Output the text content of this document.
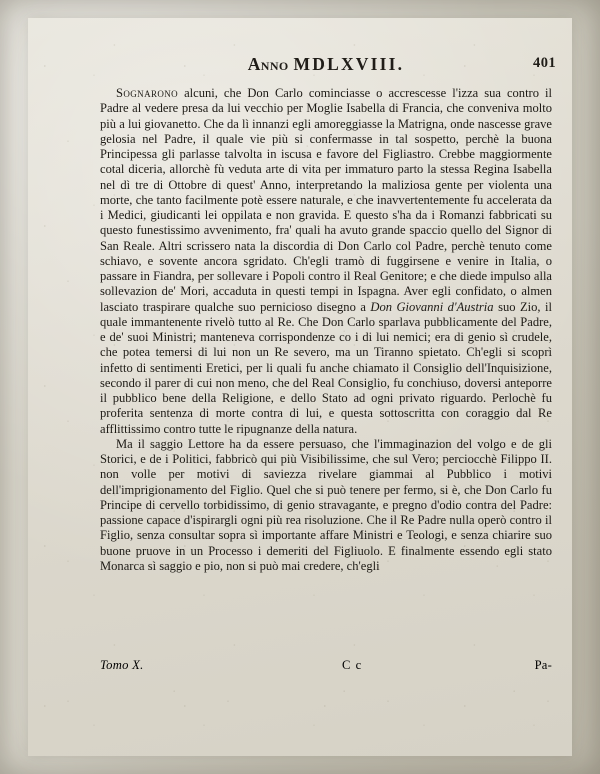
Anno MDLXVIII.	401

Sognarono alcuni, che Don Carlo cominciasse o accrescesse l'izza sua contro il Padre al vedere presa da lui vecchio per Moglie Isabella di Francia, che conveniva molto più a lui giovanetto. Che da lì innanzi egli amoreggiasse la Matrigna, onde nascesse grave gelosia nel Padre, il quale vie più si confermasse in tal sospetto, perchè la buona Principessa gli parlasse talvolta in iscusa e favore del Figliastro. Crebbe maggiormente cotal diceria, allorchè fù veduta arte di vita per immaturo parto la stessa Regina Isabella nel dì tre di Ottobre di quest' Anno, interpretando la maliziosa gente per violenta una morte, che tanto facilmente potè essere naturale, e che inavvertentemente fu accelerata da i Medici, giudicanti lei oppilata e non gravida. E questo s'ha da i Romanzi fabbricati su questo funestissimo avvenimento, fra' quali ha avuto grande spaccio quello del Signor di San Reale. Altri scrissero nata la discordia di Don Carlo col Padre, perchè tenuto come schiavo, e sovente ancora sgridato. Ch'egli tramò di fuggirsene e venire in Italia, o passare in Fiandra, per sollevare i Popoli contro il Real Genitore; e che diede impulso alla sollevazion de' Mori, accaduta in questi tempi in Ispagna. Aver egli confidato, o almen lasciato traspirare qualche suo pernicioso disegno a Don Giovanni d'Austria suo Zio, il quale immantenente rivelò tutto al Re. Che Don Carlo sparlava pubblicamente del Padre, e de' suoi Ministri; manteneva corrispondenze co i di lui nemici; era di genio sì crudele, che potea temersi di lui non un Re severo, ma un Tiranno spietato. Ch'egli si scoprì infetto di sentimenti Eretici, per li quali fu anche chiamato il Consiglio dell'Inquisizione, secondo il parer di cui non meno, che del Real Consiglio, fu conchiuso, doversi anteporre il pubblico bene della Religione, e dello Stato ad ogni privato riguardo. Perlochè fu proferita sentenza di morte contra di lui, e questa sottoscritta con coraggio dal Re afflittissimo contro tutte le ripugnanze della natura.

Ma il saggio Lettore ha da essere persuaso, che l'immaginazion del volgo e de gli Storici, e de i Politici, fabbricò qui più Visibilissime, che sul Vero; perciocchè Filippo II. non volle per motivi di saviezza rivelare giammai al Pubblico i motivi dell'imprigionamento del Figlio. Quel che si può tenere per fermo, si è, che Don Carlo fu Principe di cervello torbidissimo, di genio stravagante, e pregno d'odio contra del Padre: passione capace d'ispirargli ogni più rea risoluzione. Che il Re Padre nulla operò contro il Figlio, senza consultar sopra sì importante affare Ministri e Teologi, e senza chiarire suo buone pruove in un Processo i demeriti del Figliuolo. E finalmente essendo egli stato Monarca sì saggio e pio, non si può mai credere, ch'egli

Tomo X.	C c	Pa-
